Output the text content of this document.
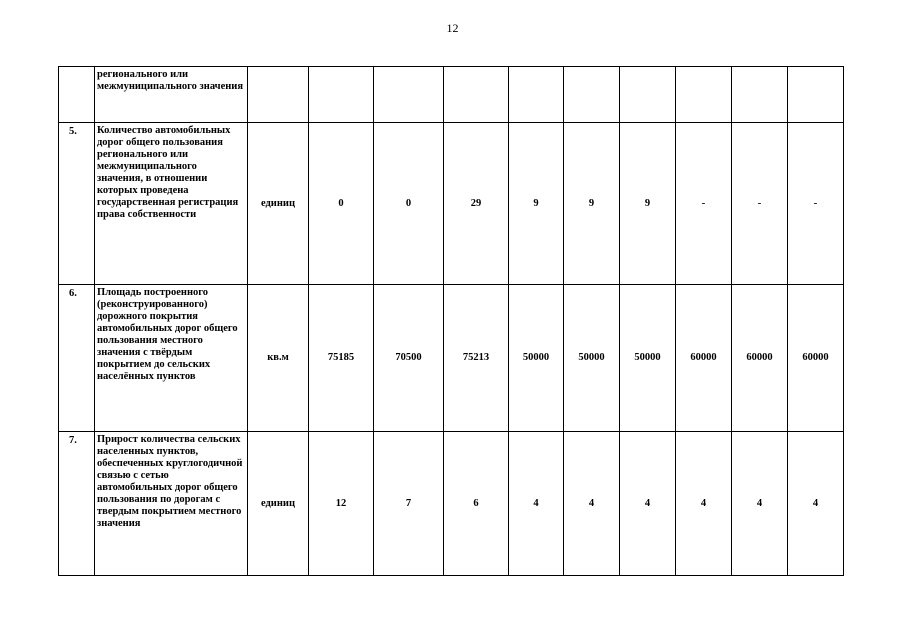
12
	регионального или межмуниципального значения										
5.	Количество автомобильных дорог общего пользования регионального или межмуниципального значения, в отношении которых проведена государственная регистрация права собственности	единиц	0	0	29	9	9	9	-	-	-
6.	Площадь построенного (реконструированного) дорожного покрытия автомобильных дорог общего пользования местного значения с твёрдым покрытием до сельских населённых пунктов	кв.м	75185	70500	75213	50000	50000	50000	60000	60000	60000
7.	Прирост количества сельских населенных пунктов, обеспеченных круглогодичной связью с сетью автомобильных дорог общего пользования по дорогам с твердым покрытием местного значения	единиц	12	7	6	4	4	4	4	4	4
